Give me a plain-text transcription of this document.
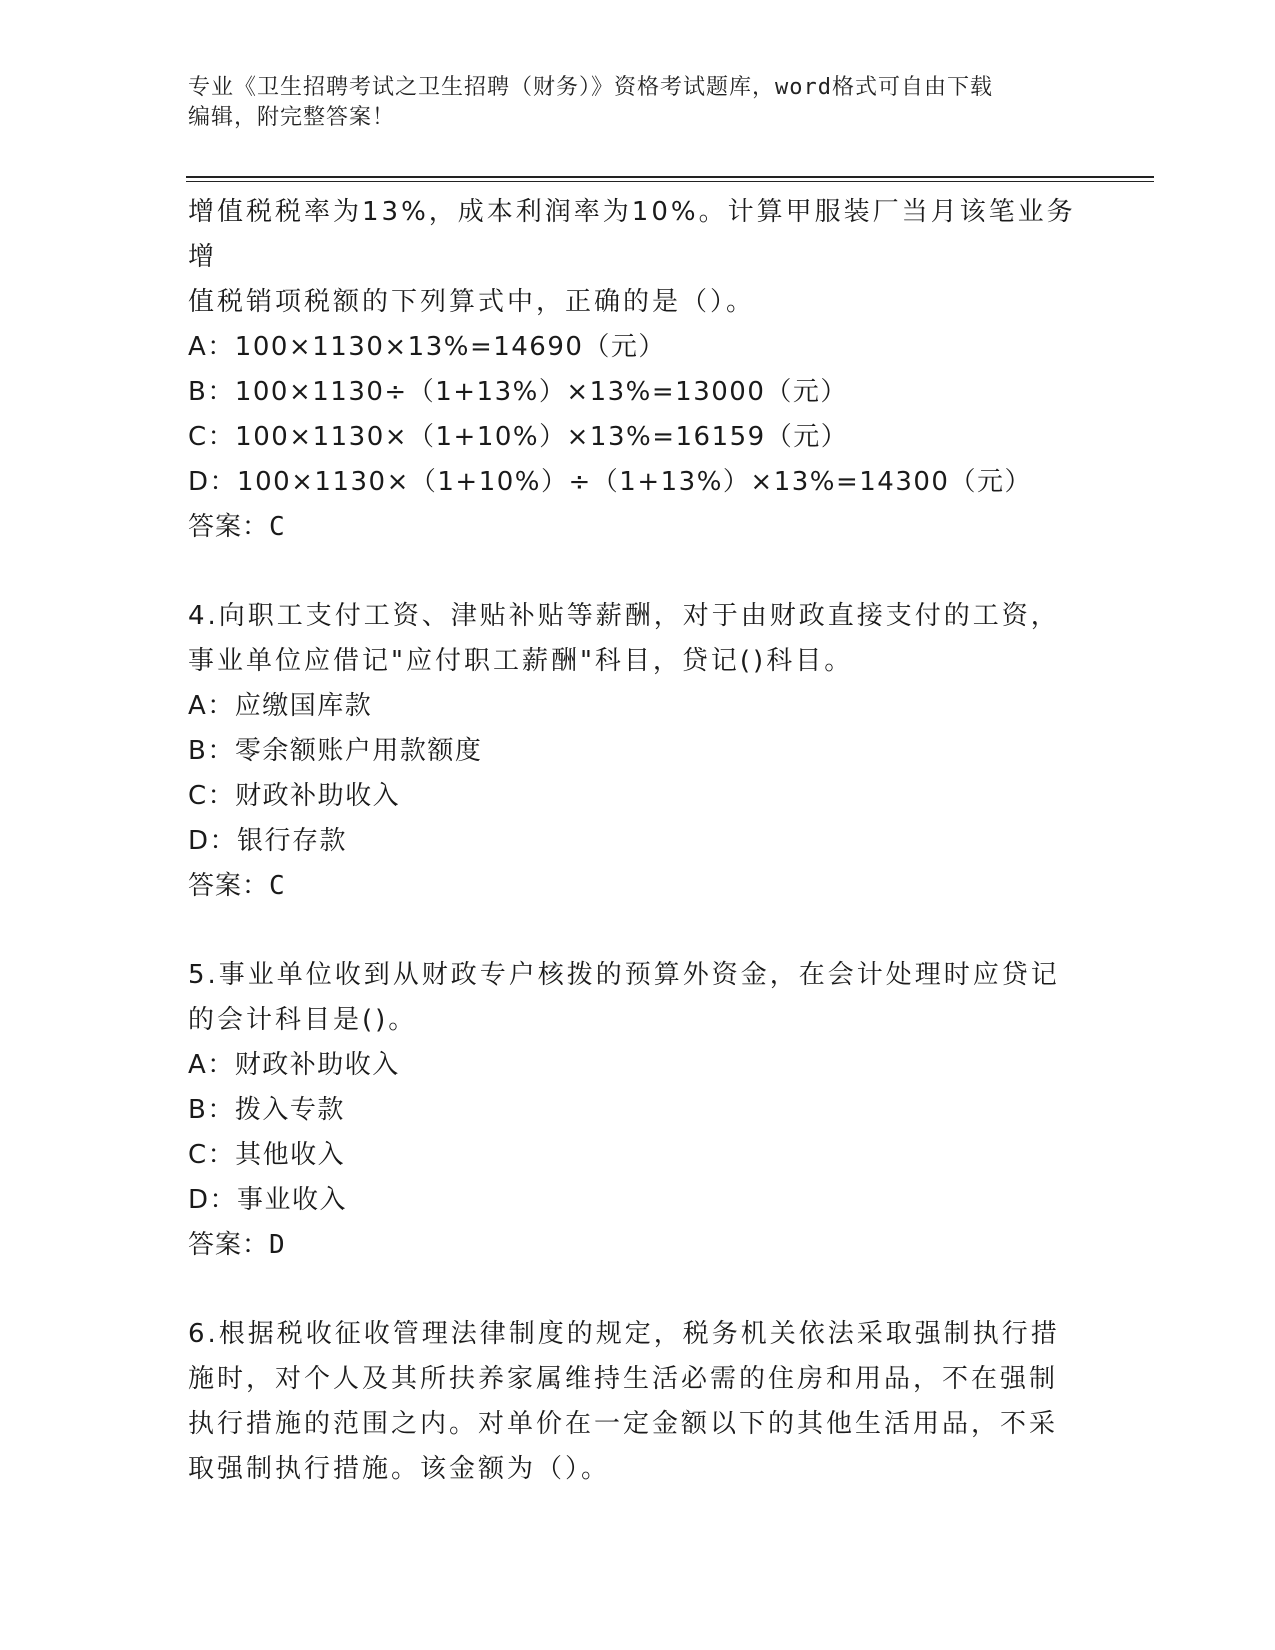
专业《卫生招聘考试之卫生招聘（财务）》资格考试题库，word格式可自由下载
编辑，附完整答案！

增值税税率为13%，成本利润率为10%。计算甲服装厂当月该笔业务增

值税销项税额的下列算式中，正确的是（）。

A：100×1130×13%=14690（元）

B：100×1130÷（1+13%）×13%=13000（元）

C：100×1130×（1+10%）×13%=16159（元）

D：100×1130×（1+10%）÷（1+13%）×13%=14300（元）

答案：C

4.向职工支付工资、津贴补贴等薪酬，对于由财政直接支付的工资，

事业单位应借记"应付职工薪酬"科目，贷记()科目。

A：应缴国库款

B：零余额账户用款额度

C：财政补助收入

D：银行存款

答案：C

5.事业单位收到从财政专户核拨的预算外资金，在会计处理时应贷记

的会计科目是()。

A：财政补助收入

B：拨入专款

C：其他收入

D：事业收入

答案：D

6.根据税收征收管理法律制度的规定，税务机关依法采取强制执行措

施时，对个人及其所扶养家属维持生活必需的住房和用品，不在强制

执行措施的范围之内。对单价在一定金额以下的其他生活用品，不采

取强制执行措施。该金额为（）。
